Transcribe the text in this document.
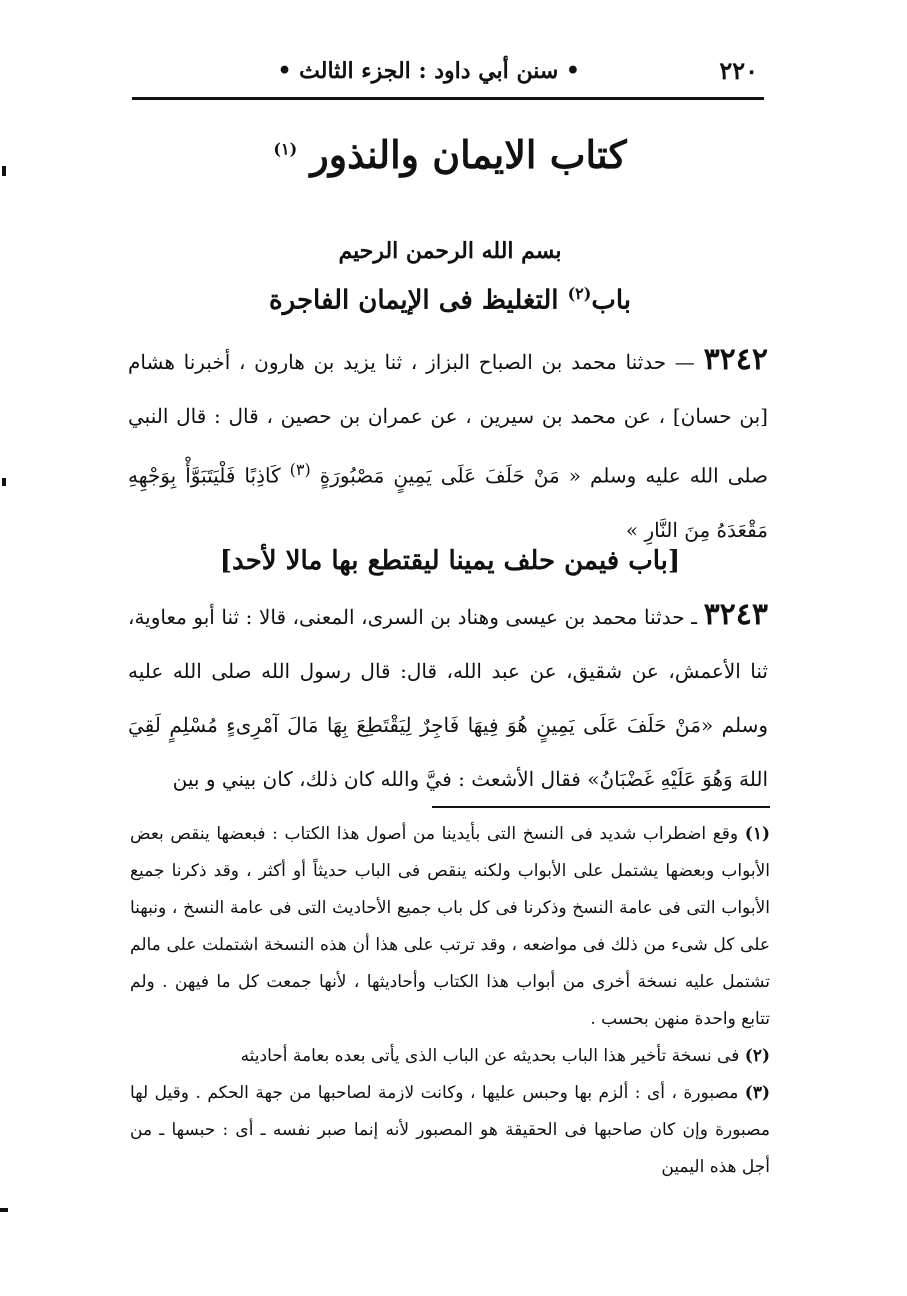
٢٢٠
• سنن أبي داود : الجزء الثالث •
كتاب الايمان والنذور $^{(١)}$
بسم الله الرحمن الرحيم
باب$^{(٢)}$ التغليظ فى الإيمان الفاجرة
٣٢٤٢ — حدثنا محمد بن الصباح البزاز ، ثنا يزيد بن هارون ، أخبرنا هشام [بن حسان] ، عن محمد بن سيرين ، عن عمران بن حصين ، قال : قال النبي صلى الله عليه وسلم « مَنْ حَلَفَ عَلَى يَمِينٍ مَصْبُورَةٍ $^{(٣)}$ كَاذِبًا فَلْيَتَبَوَّأْ بِوَجْهِهِ مَقْعَدَهُ مِنَ النَّارِ »
[باب فيمن حلف يمينا ليقتطع بها مالا لأحد]
٣٢٤٣ ـ حدثنا محمد بن عيسى وهناد بن السرى، المعنى، قالا : ثنا أبو معاوية، ثنا الأعمش، عن شقيق، عن عبد الله، قال: قال رسول الله صلى الله عليه وسلم «مَنْ حَلَفَ عَلَى يَمِينٍ هُوَ فِيهَا فَاجِرٌ لِيَقْتَطِعَ بِهَا مَالَ آمْرِىءٍ مُسْلِمٍ لَقِيَ اللهَ وَهُوَ عَلَيْهِ غَضْبَانُ» فقال الأشعث : فيَّ والله كان ذلك، كان بيني و بين

(١) وقع اضطراب شديد فى النسخ التى بأيدينا من أصول هذا الكتاب : فبعضها ينقص بعض الأبواب وبعضها يشتمل على الأبواب ولكنه ينقص فى الباب حديثاً أو أكثر ، وقد ذكرنا جميع الأبواب التى فى عامة النسخ وذكرنا فى كل باب جميع الأحاديث التى فى عامة النسخ ، ونبهنا على كل شىء من ذلك فى مواضعه ، وقد ترتب على هذا أن هذه النسخة اشتملت على مالم تشتمل عليه نسخة أخرى من أبواب هذا الكتاب وأحاديثها ، لأنها جمعت كل ما فيهن . ولم تتابع واحدة منهن بحسب .

(٢) فى نسخة تأخير هذا الباب بحديثه عن الباب الذى يأتى بعده بعامة أحاديثه

(٣) مصبورة ، أى : ألزم بها وحبس عليها ، وكانت لازمة لصاحبها من جهة الحكم . وقيل لها مصبورة وإن كان صاحبها فى الحقيقة هو المصبور لأنه إنما صبر نفسه ـ أى : حبسها ـ من أجل هذه اليمين
